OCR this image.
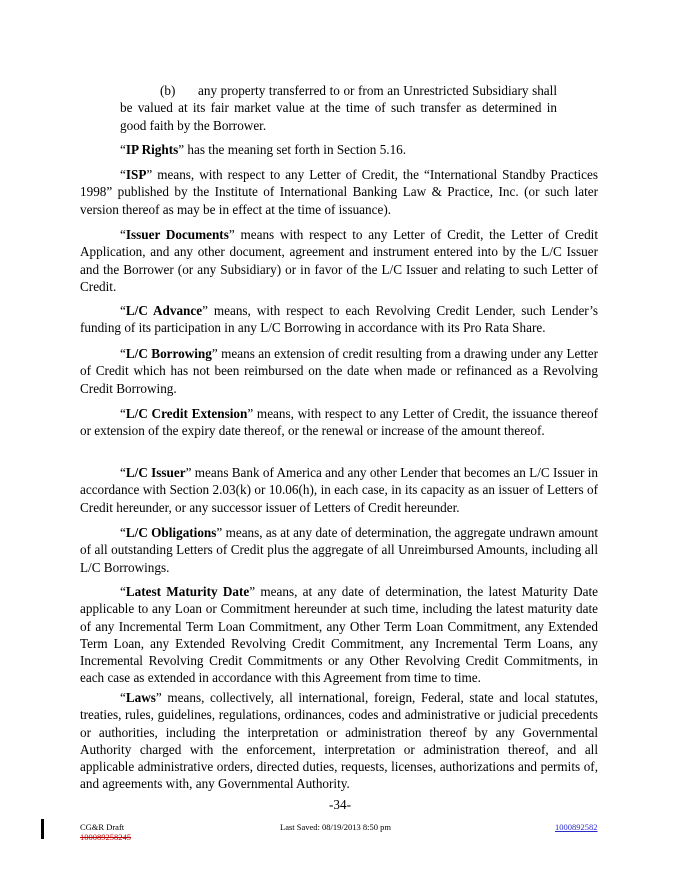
(b) any property transferred to or from an Unrestricted Subsidiary shall be valued at its fair market value at the time of such transfer as determined in good faith by the Borrower.

“IP Rights” has the meaning set forth in Section 5.16.

“ISP” means, with respect to any Letter of Credit, the “International Standby Practices 1998” published by the Institute of International Banking Law & Practice, Inc. (or such later version thereof as may be in effect at the time of issuance).

“Issuer Documents” means with respect to any Letter of Credit, the Letter of Credit Application, and any other document, agreement and instrument entered into by the L/C Issuer and the Borrower (or any Subsidiary) or in favor of the L/C Issuer and relating to such Letter of Credit.

“L/C Advance” means, with respect to each Revolving Credit Lender, such Lender’s funding of its participation in any L/C Borrowing in accordance with its Pro Rata Share.

“L/C Borrowing” means an extension of credit resulting from a drawing under any Letter of Credit which has not been reimbursed on the date when made or refinanced as a Revolving Credit Borrowing.

“L/C Credit Extension” means, with respect to any Letter of Credit, the issuance thereof or extension of the expiry date thereof, or the renewal or increase of the amount thereof.

“L/C Issuer” means Bank of America and any other Lender that becomes an L/C Issuer in accordance with Section 2.03(k) or 10.06(h), in each case, in its capacity as an issuer of Letters of Credit hereunder, or any successor issuer of Letters of Credit hereunder.

“L/C Obligations” means, as at any date of determination, the aggregate undrawn amount of all outstanding Letters of Credit plus the aggregate of all Unreimbursed Amounts, including all L/C Borrowings.

“Latest Maturity Date” means, at any date of determination, the latest Maturity Date applicable to any Loan or Commitment hereunder at such time, including the latest maturity date of any Incremental Term Loan Commitment, any Other Term Loan Commitment, any Extended Term Loan, any Extended Revolving Credit Commitment, any Incremental Term Loans, any Incremental Revolving Credit Commitments or any Other Revolving Credit Commitments, in each case as extended in accordance with this Agreement from time to time.

“Laws” means, collectively, all international, foreign, Federal, state and local statutes, treaties, rules, guidelines, regulations, ordinances, codes and administrative or judicial precedents or authorities, including the interpretation or administration thereof by any Governmental Authority charged with the enforcement, interpretation or administration thereof, and all applicable administrative orders, directed duties, requests, licenses, authorizations and permits of, and agreements with, any Governmental Authority.

-34-

CG&R Draft
100089258245

Last Saved: 08/19/2013 8:50 pm	1000892582
